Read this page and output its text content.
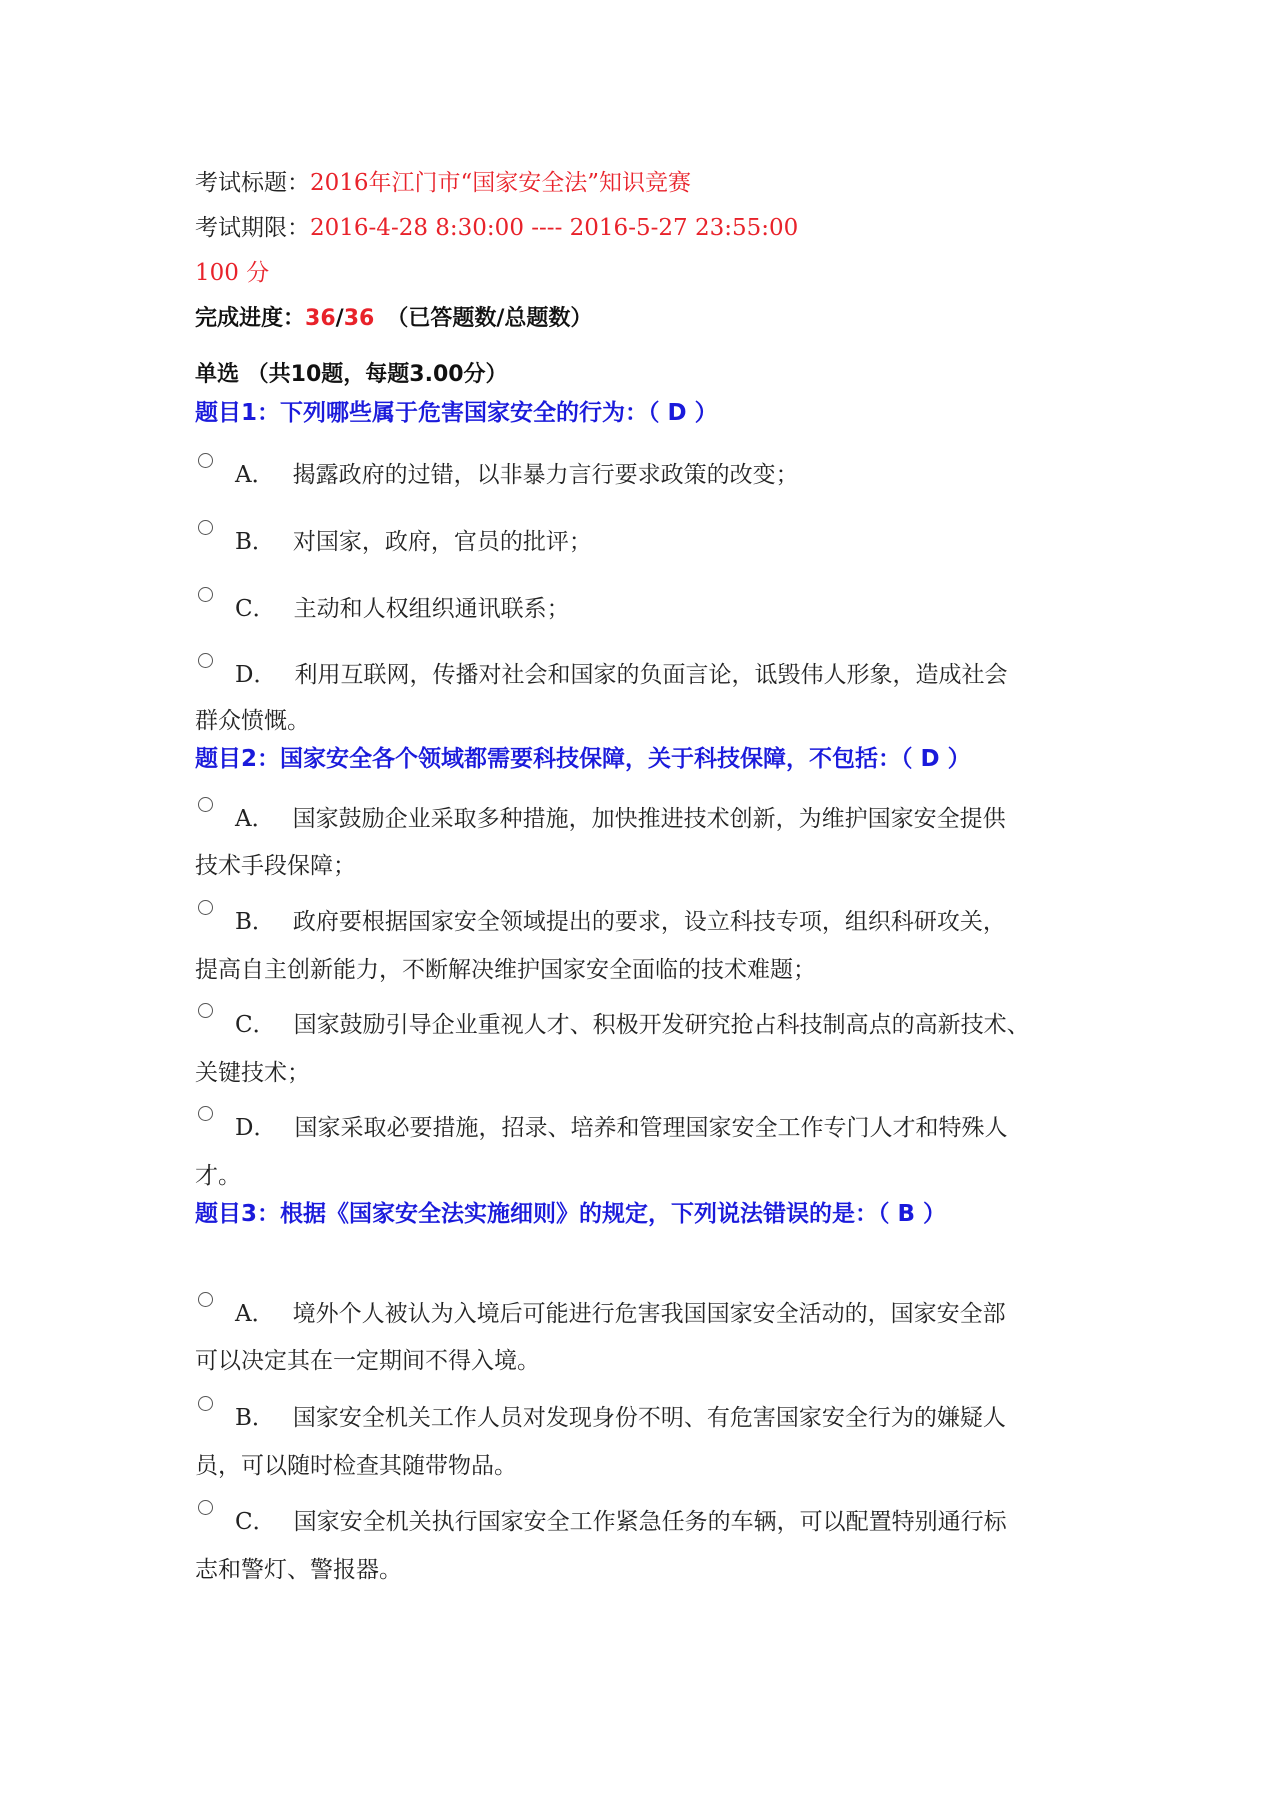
考试标题：2016年江门市“国家安全法”知识竞赛
考试期限：2016-4-28 8:30:00 ---- 2016-5-27 23:55:00
100 分
完成进度：36/36 （已答题数/总题数）
单选 （共10题，每题3.00分）
题目1：下列哪些属于危害国家安全的行为：（ D ）
A． 揭露政府的过错，以非暴力言行要求政策的改变；
B． 对国家，政府，官员的批评；
C． 主动和人权组织通讯联系；
D． 利用互联网，传播对社会和国家的负面言论，诋毁伟人形象，造成社会
群众愤慨。
题目2：国家安全各个领域都需要科技保障，关于科技保障，不包括：（ D ）
A． 国家鼓励企业采取多种措施，加快推进技术创新，为维护国家安全提供
技术手段保障；
B． 政府要根据国家安全领域提出的要求，设立科技专项，组织科研攻关，
提高自主创新能力，不断解决维护国家安全面临的技术难题；
C． 国家鼓励引导企业重视人才、积极开发研究抢占科技制高点的高新技术、
关键技术；
D． 国家采取必要措施，招录、培养和管理国家安全工作专门人才和特殊人
才。
题目3：根据《国家安全法实施细则》的规定，下列说法错误的是：（ B ）
A． 境外个人被认为入境后可能进行危害我国国家安全活动的，国家安全部
可以决定其在一定期间不得入境。
B． 国家安全机关工作人员对发现身份不明、有危害国家安全行为的嫌疑人
员，可以随时检查其随带物品。
C． 国家安全机关执行国家安全工作紧急任务的车辆，可以配置特别通行标
志和警灯、警报器。
